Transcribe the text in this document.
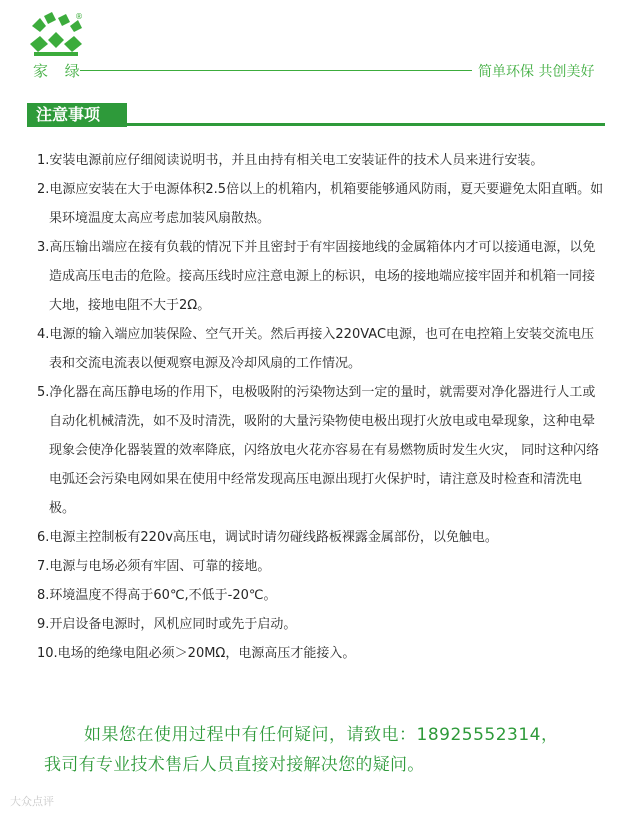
®
家 绿	简单环保 共创美好
注意事项
1.安装电源前应仔细阅读说明书，并且由持有相关电工安装证件的技术人员来进行安装。
2.电源应安装在大于电源体积2.5倍以上的机箱内，机箱要能够通风防雨，夏天要避免太阳直晒。如果环境温度太高应考虑加装风扇散热。
3.高压输出端应在接有负载的情况下并且密封于有牢固接地线的金属箱体内才可以接通电源，以免造成高压电击的危险。接高压线时应注意电源上的标识，电场的接地端应接牢固并和机箱一同接大地，接地电阻不大于2Ω。
4.电源的输入端应加装保险、空气开关。然后再接入220VAC电源，也可在电控箱上安装交流电压表和交流电流表以便观察电源及冷却风扇的工作情况。
5.净化器在高压静电场的作用下，电极吸附的污染物达到一定的量时，就需要对净化器进行人工或自动化机械清洗，如不及时清洗，吸附的大量污染物使电极出现打火放电或电晕现象，这种电晕现象会使净化器装置的效率降底，闪络放电火花亦容易在有易燃物质时发生火灾， 同时这种闪络电弧还会污染电网如果在使用中经常发现高压电源出现打火保护时，请注意及时检查和清洗电极。
6.电源主控制板有220v高压电，调试时请勿碰线路板裸露金属部份，以免触电。
7.电源与电场必须有牢固、可靠的接地。
8.环境温度不得高于60℃,不低于-20℃。
9.开启设备电源时，风机应同时或先于启动。
10.电场的绝缘电阻必须＞20MΩ，电源高压才能接入。
如果您在使用过程中有任何疑问，请致电：18925552314，
我司有专业技术售后人员直接对接解决您的疑问。
大众点评
